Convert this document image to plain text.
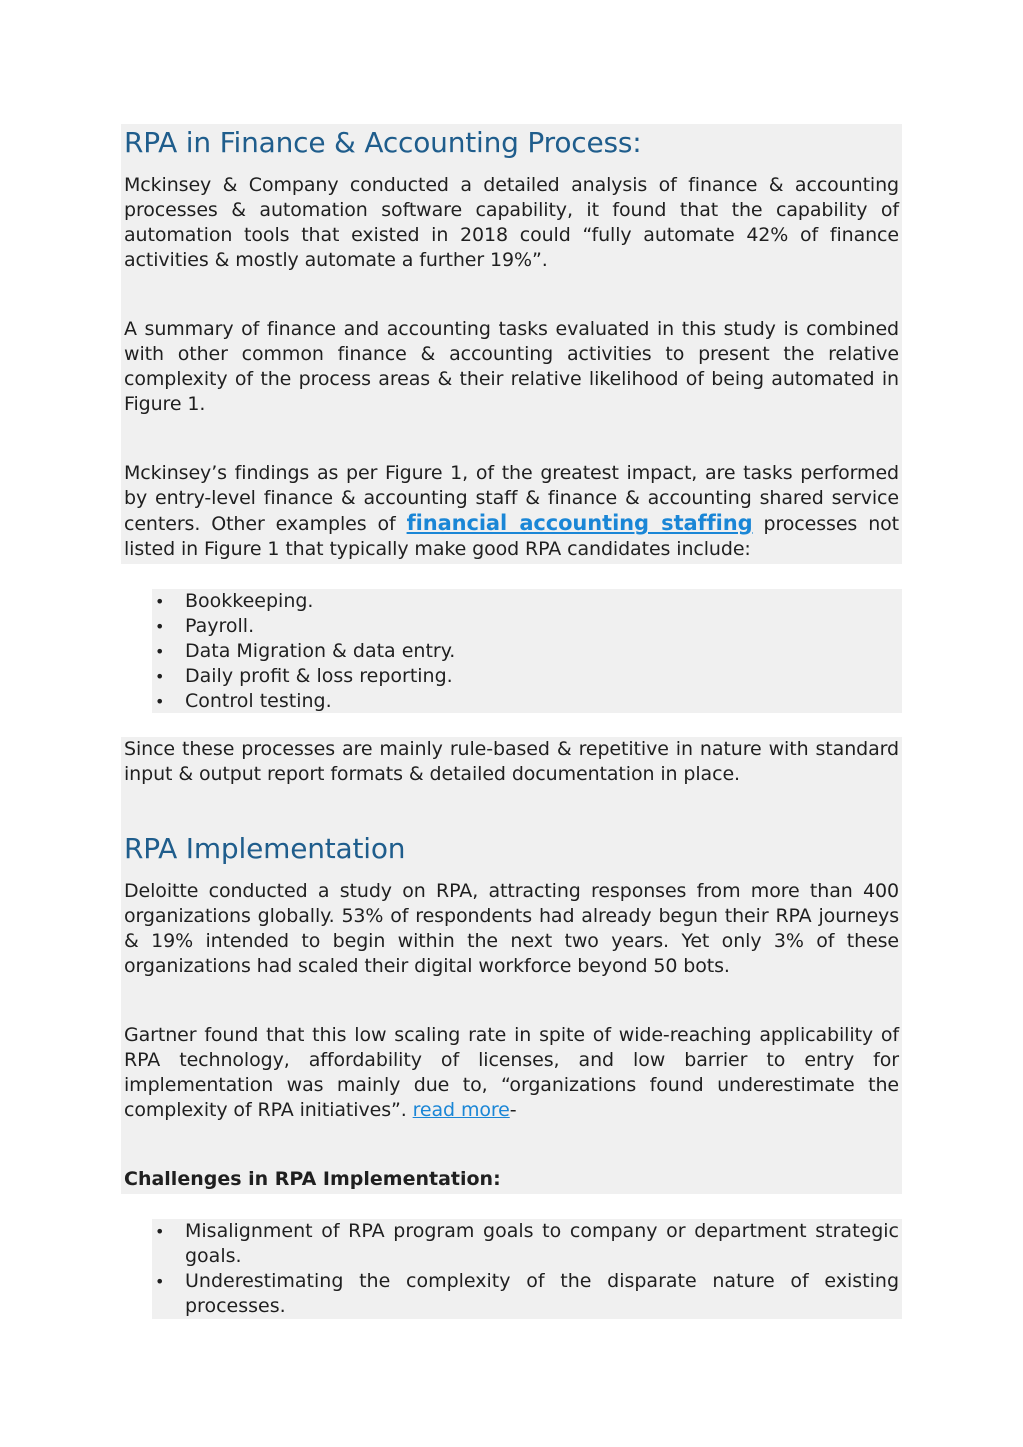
RPA in Finance & Accounting Process:

Mckinsey & Company conducted a detailed analysis of finance & accounting processes & automation software capability, it found that the capability of automation tools that existed in 2018 could “fully automate 42% of finance activities & mostly automate a further 19%”.

A summary of finance and accounting tasks evaluated in this study is combined with other common finance & accounting activities to present the relative complexity of the process areas & their relative likelihood of being automated in Figure 1.

Mckinsey’s findings as per Figure 1, of the greatest impact, are tasks performed by entry-level finance & accounting staff & finance & accounting shared service centers. Other examples of financial accounting staffing processes not listed in Figure 1 that typically make good RPA candidates include:

• Bookkeeping.
• Payroll.
• Data Migration & data entry.
• Daily profit & loss reporting.
• Control testing.

Since these processes are mainly rule-based & repetitive in nature with standard input & output report formats & detailed documentation in place.

RPA Implementation

Deloitte conducted a study on RPA, attracting responses from more than 400 organizations globally. 53% of respondents had already begun their RPA journeys & 19% intended to begin within the next two years. Yet only 3% of these organizations had scaled their digital workforce beyond 50 bots.

Gartner found that this low scaling rate in spite of wide-reaching applicability of RPA technology, affordability of licenses, and low barrier to entry for implementation was mainly due to, “organizations found underestimate the complexity of RPA initiatives”. read more-

Challenges in RPA Implementation:

• Misalignment of RPA program goals to company or department strategic goals.
• Underestimating the complexity of the disparate nature of existing processes.
